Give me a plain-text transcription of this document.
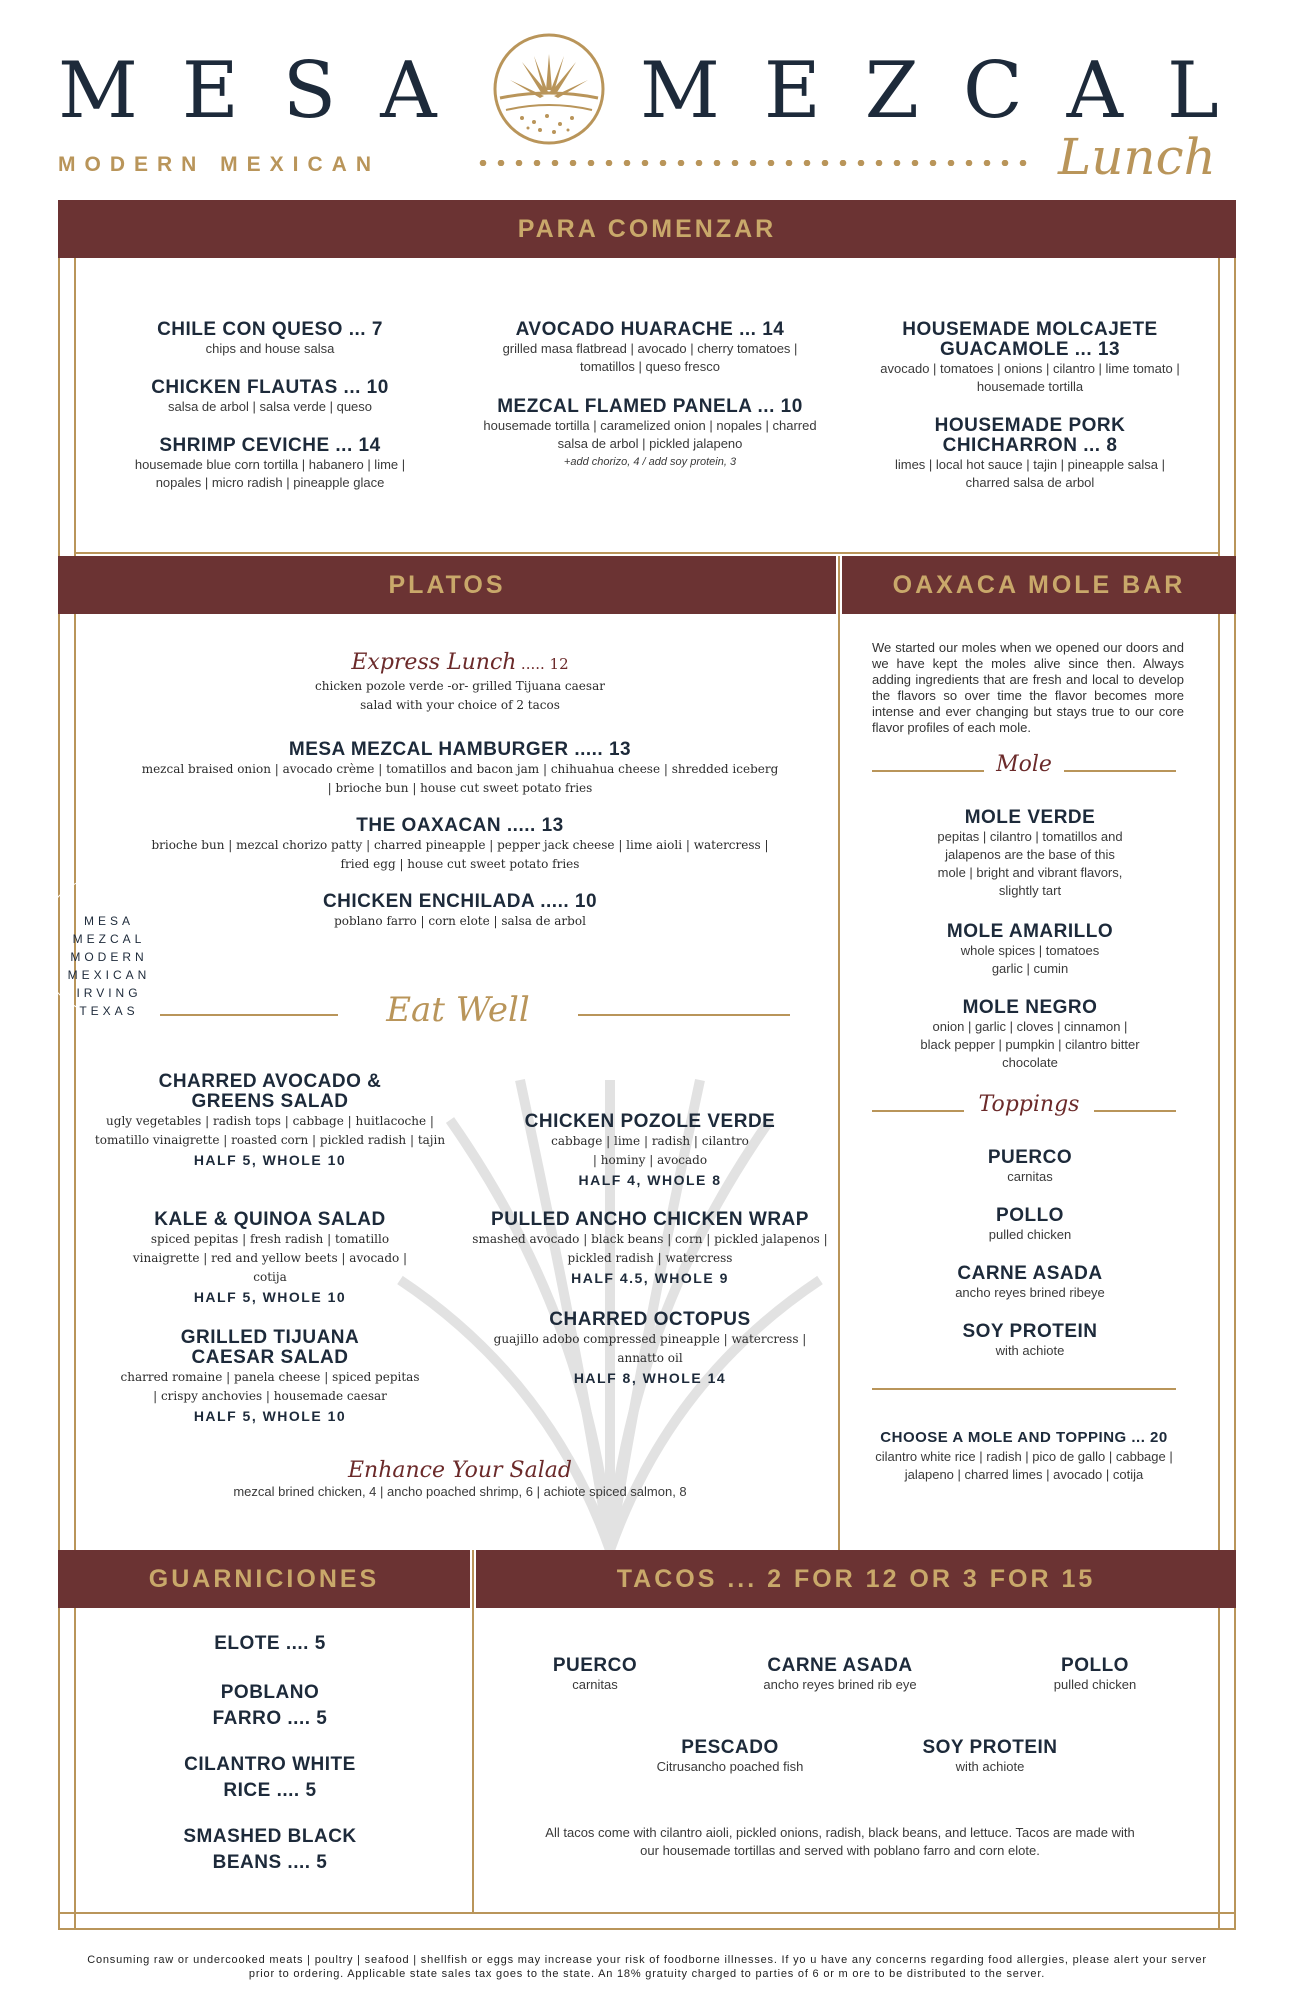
MESA MEZCAL
MODERN MEXICAN	Lunch
PARA COMENZAR
CHILE CON QUESO ... 7
chips and house salsa
CHICKEN FLAUTAS ... 10
salsa de arbol | salsa verde | queso
SHRIMP CEVICHE ... 14
housemade blue corn tortilla | habanero | lime | nopales | micro radish | pineapple glace
AVOCADO HUARACHE ... 14
grilled masa flatbread | avocado | cherry tomatoes | tomatillos | queso fresco
MEZCAL FLAMED PANELA ... 10
housemade tortilla | caramelized onion | nopales | charred salsa de arbol | pickled jalapeno
+add chorizo, 4 / add soy protein, 3
HOUSEMADE MOLCAJETE GUACAMOLE ... 13
avocado | tomatoes | onions | cilantro | lime tomato | housemade tortilla
HOUSEMADE PORK CHICHARRON ... 8
limes | local hot sauce | tajin | pineapple salsa | charred salsa de arbol
PLATOS	OAXACA MOLE BAR
Express Lunch ..... 12
chicken pozole verde -or- grilled Tijuana caesar salad with your choice of 2 tacos
MESA MEZCAL HAMBURGER ..... 13
mezcal braised onion | avocado crème | tomatillos and bacon jam | chihuahua cheese | shredded iceberg | brioche bun | house cut sweet potato fries
THE OAXACAN ..... 13
brioche bun | mezcal chorizo patty | charred pineapple | pepper jack cheese | lime aioli | watercress | fried egg | house cut sweet potato fries
CHICKEN ENCHILADA ..... 10
poblano farro | corn elote | salsa de arbol
MESA MEZCAL MODERN MEXICAN IRVING TEXAS	Eat Well
CHARRED AVOCADO & GREENS SALAD
ugly vegetables | radish tops | cabbage | huitlacoche | tomatillo vinaigrette | roasted corn | pickled radish | tajin
HALF 5, WHOLE 10
KALE & QUINOA SALAD
spiced pepitas | fresh radish | tomatillo vinaigrette | red and yellow beets | avocado | cotija
HALF 5, WHOLE 10
GRILLED TIJUANA CAESAR SALAD
charred romaine | panela cheese | spiced pepitas | crispy anchovies | housemade caesar
HALF 5, WHOLE 10
CHICKEN POZOLE VERDE
cabbage | lime | radish | cilantro | hominy | avocado
HALF 4, WHOLE 8
PULLED ANCHO CHICKEN WRAP
smashed avocado | black beans | corn | pickled jalapenos | pickled radish | watercress
HALF 4.5, WHOLE 9
CHARRED OCTOPUS
guajillo adobo compressed pineapple | watercress | annatto oil
HALF 8, WHOLE 14
Enhance Your Salad
mezcal brined chicken, 4 | ancho poached shrimp, 6 | achiote spiced salmon, 8
We started our moles when we opened our doors and we have kept the moles alive since then. Always adding ingredients that are fresh and local to develop the flavors so over time the flavor becomes more intense and ever changing but stays true to our core flavor profiles of each mole.
Mole
MOLE VERDE
pepitas | cilantro | tomatillos and jalapenos are the base of this mole | bright and vibrant flavors, slightly tart
MOLE AMARILLO
whole spices | tomatoes garlic | cumin
MOLE NEGRO
onion | garlic | cloves | cinnamon | black pepper | pumpkin | cilantro bitter chocolate
Toppings
PUERCO
carnitas
POLLO
pulled chicken
CARNE ASADA
ancho reyes brined ribeye
SOY PROTEIN
with achiote
CHOOSE A MOLE AND TOPPING ... 20
cilantro white rice | radish | pico de gallo | cabbage | jalapeno | charred limes | avocado | cotija
GUARNICIONES	TACOS ... 2 FOR 12 OR 3 FOR 15
ELOTE .... 5
POBLANO FARRO .... 5
CILANTRO WHITE RICE .... 5
SMASHED BLACK BEANS .... 5
PUERCO
carnitas
CARNE ASADA
ancho reyes brined rib eye
POLLO
pulled chicken
PESCADO
Citrusancho poached fish
SOY PROTEIN
with achiote
All tacos come with cilantro aioli, pickled onions, radish, black beans, and lettuce. Tacos are made with our housemade tortillas and served with poblano farro and corn elote.
Consuming raw or undercooked meats | poultry | seafood | shellfish or eggs may increase your risk of foodborne illnesses. If yo u have any concerns regarding food allergies, please alert your server prior to ordering. Applicable state sales tax goes to the state. An 18% gratuity charged to parties of 6 or m ore to be distributed to the server.
